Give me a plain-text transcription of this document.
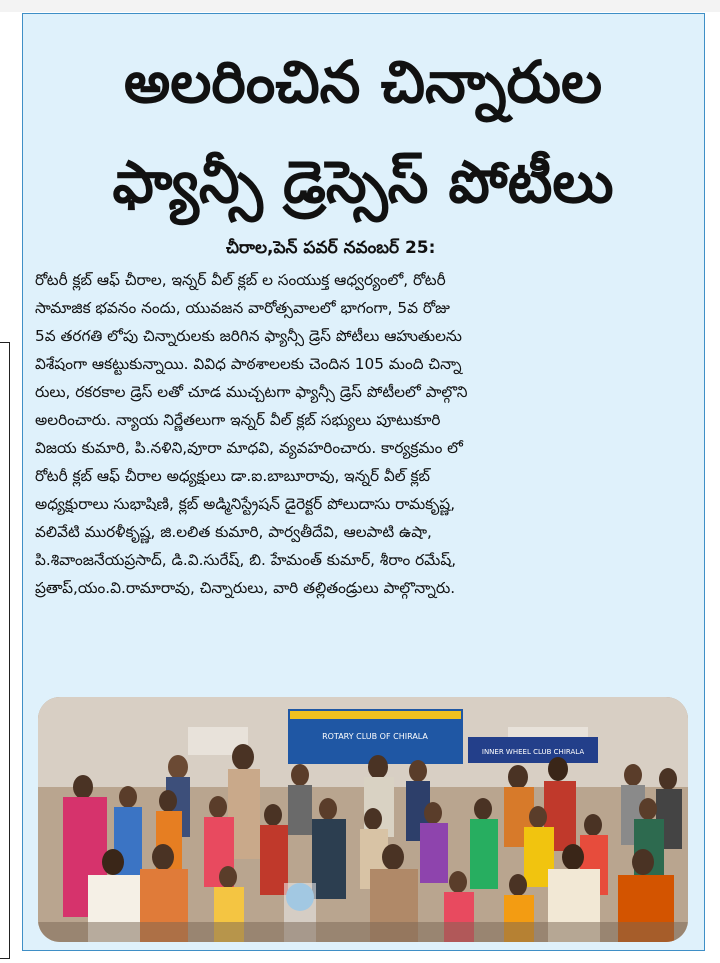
అలరించిన చిన్నారుల
ఫ్యాన్సీ డ్రెస్సెస్ పోటీలు
చీరాల,పెన్ పవర్ నవంబర్ 25:
రోటరీ క్లబ్ ఆఫ్ చీరాల, ఇన్నర్ వీల్ క్లబ్ ల సంయుక్త ఆధ్వర్యంలో, రోటరీ
సామాజిక భవనం నందు, యువజన వారోత్సవాలలో భాగంగా, 5వ రోజు
5వ తరగతి లోపు చిన్నారులకు జరిగిన ఫ్యాన్సీ డ్రెస్ పోటీలు ఆహుతులను
విశేషంగా ఆకట్టుకున్నాయి. వివిధ పాఠశాలలకు చెందిన 105 మంది చిన్నా
రులు, రకరకాల డ్రెస్ లతో చూడ ముచ్చటగా ఫ్యాన్సీ డ్రెస్ పోటీలలో పాల్గొని
అలరించారు. న్యాయ నిర్ణేతలుగా ఇన్నర్ వీల్ క్లబ్ సభ్యులు పూటుకూరి
విజయ కుమారి, పి.నళిని,వూరా మాధవి, వ్యవహరించారు. కార్యక్రమం లో
రోటరీ క్లబ్ ఆఫ్ చీరాల అధ్యక్షులు డా.ఐ.బాబూరావు, ఇన్నర్ వీల్ క్లబ్
అధ్యక్షురాలు సుభాషిణి, క్లబ్ అడ్మినిస్ట్రేషన్ డైరెక్టర్ పోలుదాసు రామకృష్ణ,
వలివేటి మురళీకృష్ణ, జి.లలిత కుమారి, పార్వతీదేవి, ఆలపాటి ఉషా,
పి.శివాంజనేయప్రసాద్, డి.వి.సురేష్, బి. హేమంత్ కుమార్, శీరాం రమేష్,
ప్రతాప్,యం.వి.రామారావు, చిన్నారులు, వారి తల్లితండ్రులు పాల్గొన్నారు.
ROTARY CLUB OF CHIRALA
INNER WHEEL CLUB CHIRALA
